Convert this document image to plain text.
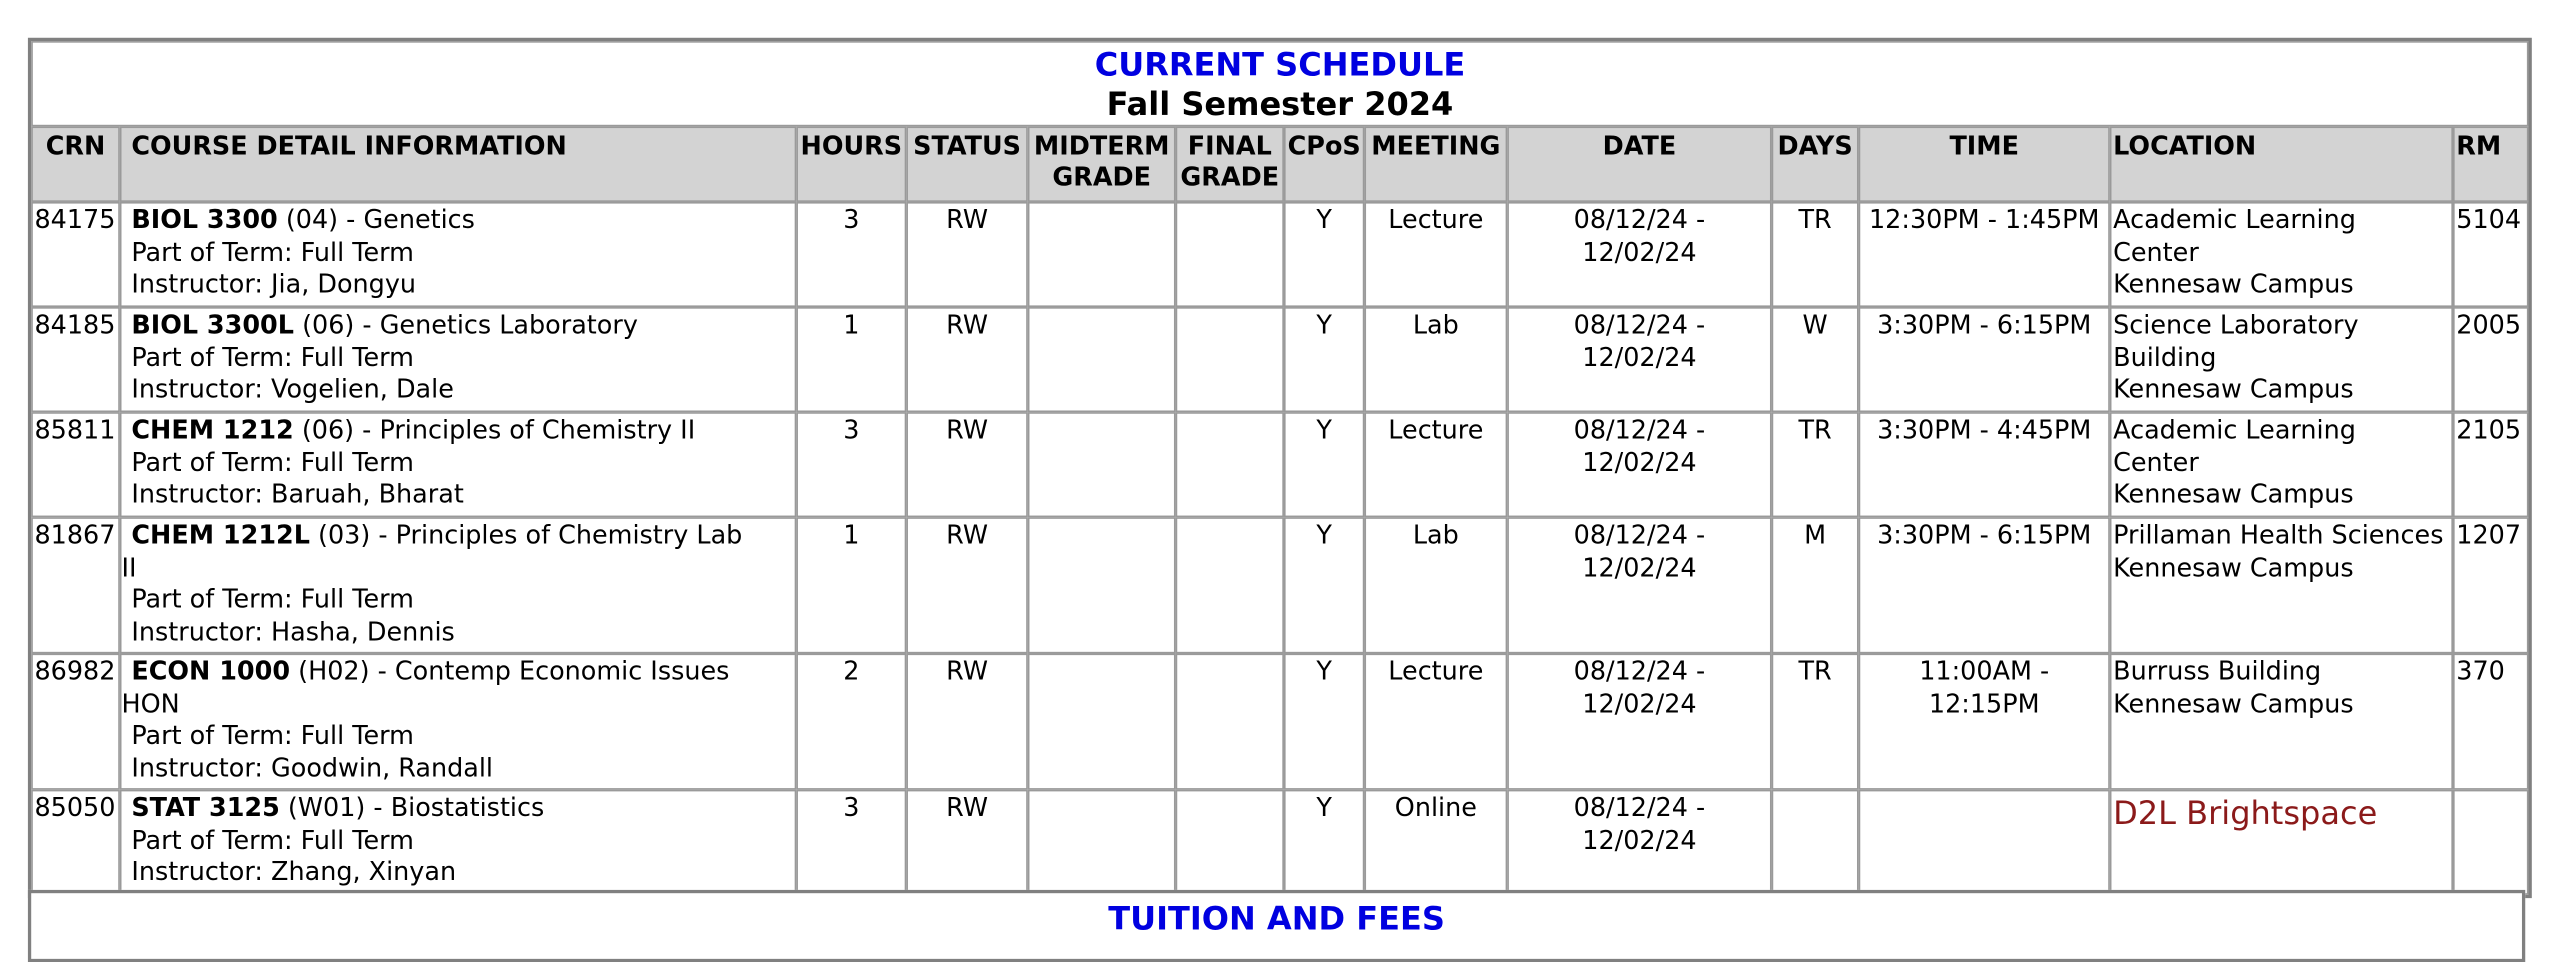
CURRENT SCHEDULE
Fall Semester 2024												

CRN	COURSE DETAIL INFORMATION	HOURS	STATUS	MIDTERM
GRADE	FINAL
GRADE	CPoS	MEETING	DATE	DAYS	TIME	LOCATION	RM
84175	BIOL 3300 (04) - Genetics
Part of Term: Full Term
Instructor: Jia, Dongyu	3	RW			Y	Lecture	08/12/24 -
12/02/24	TR	12:30PM - 1:45PM	Academic Learning
Center
Kennesaw Campus	5104
84185	BIOL 3300L (06) - Genetics Laboratory
Part of Term: Full Term
Instructor: Vogelien, Dale	1	RW			Y	Lab	08/12/24 -
12/02/24	W	3:30PM - 6:15PM	Science Laboratory
Building
Kennesaw Campus	2005
85811	CHEM 1212 (06) - Principles of Chemistry II
Part of Term: Full Term
Instructor: Baruah, Bharat	3	RW			Y	Lecture	08/12/24 -
12/02/24	TR	3:30PM - 4:45PM	Academic Learning
Center
Kennesaw Campus	2105
81867	CHEM 1212L (03) - Principles of Chemistry Lab

II
Part of Term: Full Term
Instructor: Hasha, Dennis	1	RW			Y	Lab	08/12/24 -
12/02/24	M	3:30PM - 6:15PM	Prillaman Health Sciences
Kennesaw Campus	1207
86982	ECON 1000 (H02) - Contemp Economic Issues

HON
Part of Term: Full Term
Instructor: Goodwin, Randall	2	RW			Y	Lecture	08/12/24 -
12/02/24	TR	11:00AM -
12:15PM	Burruss Building
Kennesaw Campus	370
85050	STAT 3125 (W01) - Biostatistics
Part of Term: Full Term
Instructor: Zhang, Xinyan	3	RW			Y	Online	08/12/24 -
12/02/24			D2L Brightspace	
TUITION AND FEES
